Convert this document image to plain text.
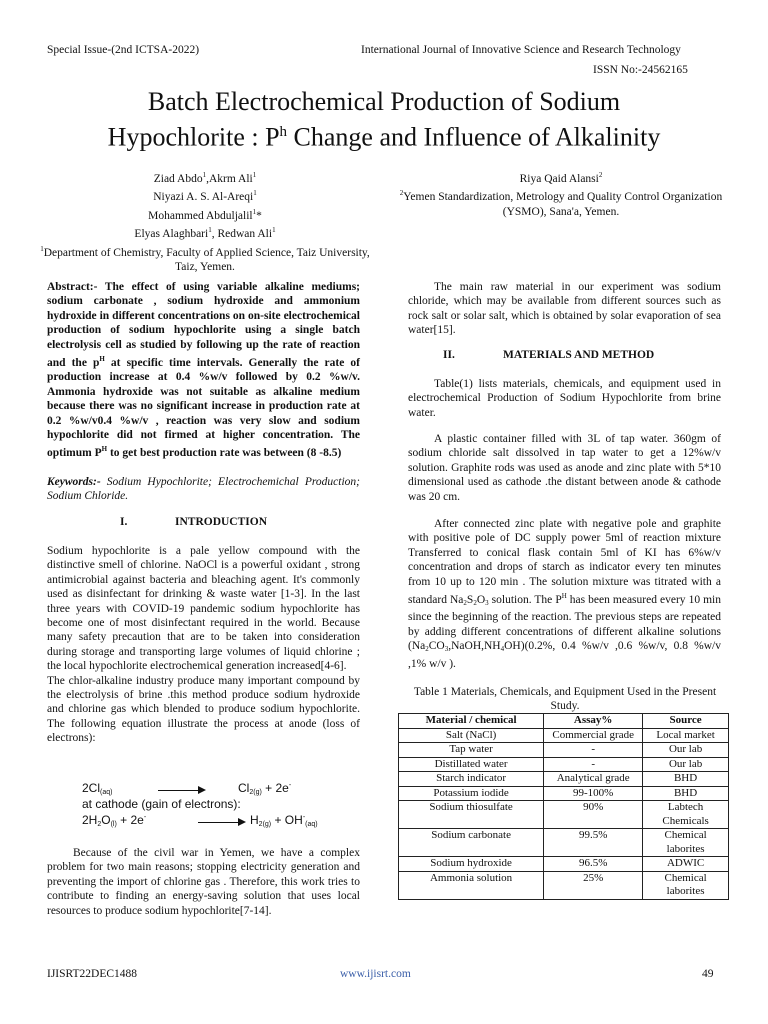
Special Issue-(2nd ICTSA-2022)	International Journal of Innovative Science and Research Technology
ISSN No:-24562165
Batch Electrochemical Production of Sodium
Hypochlorite : $P^h$ Change and Influence of Alkalinity
Ziad Abdo$^1$,Akrm Ali$^1$
Niyazi A. S. Al-Areqi$^1$
Mohammed Abduljalil$^1$*
Elyas Alaghbari$^1$, Redwan Ali$^1$
$^1$Department of Chemistry, Faculty of Applied Science, Taiz University, Taiz, Yemen.
Riya Qaid Alansi$^2$
$^2$Yemen Standardization, Metrology and Quality Control Organization (YSMO), Sana'a, Yemen.
Abstract:- The effect of using variable alkaline mediums; sodium carbonate , sodium hydroxide and ammonium hydroxide in different concentrations on on-site electrochemical production of sodium hypochlorite using a single batch electrolysis cell as studied by following up the rate of reaction and the $p^H$ at specific time intervals. Generally the rate of production increase at 0.4 %w/v followed by 0.2 %w/v. Ammonia hydroxide was not suitable as alkaline medium because there was no significant increase in production rate at 0.2 %w/v0.4 %w/v , reaction was very slow and sodium hypochlorite did not firmed at higher concentration. The optimum $P^H$ to get best production rate was between (8 -8.5)
Keywords:- Sodium Hypochlorite; Electrochemichal Production; Sodium Chloride.
I.	INTRODUCTION

Sodium hypochlorite is a pale yellow compound with the distinctive smell of chlorine. NaOCl is a powerful oxidant , strong antimicrobial against bacteria and bleaching agent. It's commonly used as disinfectant for drinking & waste water [1-3]. In the last three years with COVID-19 pandemic sodium hypochlorite has become one of most disinfectant required in the world. Because many safety precaution that are to be taken into consideration during storage and transporting large volumes of liquid chlorine ; the local hypochlorite electrochemical generation increased[4-6].

The chlor-alkaline industry produce many important compound by the electrolysis of brine .this method produce sodium hydroxide and chlorine gas which blended to produce sodium hypochlorite. The following equation illustrate the process at anode (loss of electrons):

$2Cl_{(aq)}$	$Cl_{2(g)} + 2e^-$
at cathode (gain of electrons):
$2H_2O_{(l)} + 2e^-$	$H_{2(g)} + OH^-_{(aq)}$
Because of the civil war in Yemen, we have a complex problem for two main reasons; stopping electricity generation and preventing the import of chlorine gas . Therefore, this work tries to contribute to finding an energy-saving solution that uses local resources to produce sodium hypochlorite[7-14].
The main raw material in our experiment was sodium chloride, which may be available from different sources such as rock salt or solar salt, which is obtained by solar evaporation of sea water[15].
II.	MATERIALS AND METHOD
Table(1) lists materials, chemicals, and equipment used in electrochemical Production of Sodium Hypochlorite from brine water.
A plastic container filled with 3L of tap water. 360gm of sodium chloride salt dissolved in tap water to get a 12%w/v solution. Graphite rods was used as anode and zinc plate with 5*10 dimensional used as cathode .the distant between anode & cathode was 20 cm.
After connected zinc plate with negative pole and graphite with positive pole of DC supply power 5ml of reaction mixture Transferred to conical flask contain 5ml of KI has 6%w/v concentration and drops of starch as indicator every ten minutes from 10 up to 120 min . The solution mixture was titrated with a standard $Na_2S_2O_3$ solution. The $P^H$ has been measured every 10 min since the beginning of the reaction. The previous steps are repeated by adding different concentrations of different alkaline solutions $(Na_2CO_3,NaOH,NH_4OH)(0.2\%$, 0.4 %w/v ,0.6 %w/v, 0.8 %w/v ,1% w/v ).
Table 1 Materials, Chemicals, and Equipment Used in the Present Study.
Material / chemical	Assay%	Source
Salt (NaCl)	Commercial grade	Local market
Tap water	-	Our lab
Distillated water	-	Our lab
Starch indicator	Analytical grade	BHD
Potassium iodide	99-100%	BHD
Sodium thiosulfate	90%	Labtech Chemicals
Sodium carbonate	99.5%	Chemical laborites
Sodium hydroxide	96.5%	ADWIC
Ammonia solution	25%	Chemical laborites
IJISRT22DEC1488	www.ijisrt.com	49
